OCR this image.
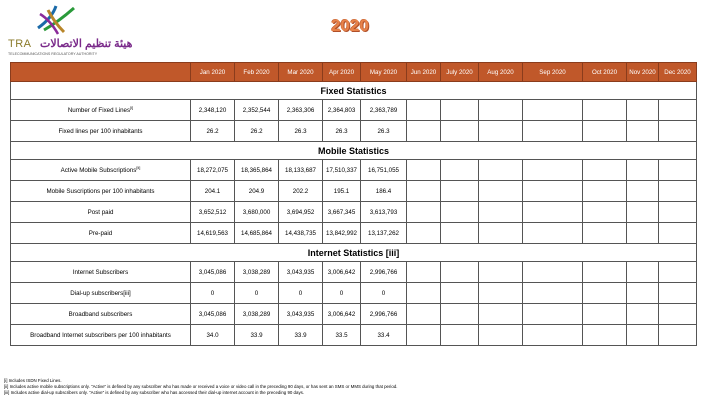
TRA هيئة تنظيم الاتصالات
TELECOMMUNICATIONS REGULATORY AUTHORITY
2020
	Jan 2020	Feb 2020	Mar 2020	Apr 2020	May 2020	Jun 2020	July 2020	Aug 2020	Sep 2020	Oct 2020	Nov 2020	Dec 2020
Fixed Statistics												
Number of Fixed Lines[i]	2,348,120	2,352,544	2,363,306	2,364,803	2,363,789							
Fixed lines per 100 inhabitants	26.2	26.2	26.3	26.3	26.3							
Mobile Statistics												
Active Mobile Subscriptions[ii]	18,272,075	18,365,864	18,133,687	17,510,337	16,751,055							
Mobile Suscriptions per 100 inhabitants	204.1	204.9	202.2	195.1	186.4							
Post paid	3,652,512	3,680,000	3,694,952	3,667,345	3,613,793							
Pre-paid	14,619,563	14,685,864	14,438,735	13,842,992	13,137,262							
Internet Statistics [iii]												
Internet Subscribers	3,045,086	3,038,289	3,043,935	3,006,642	2,996,766							
Dial-up subscribers[iii]	0	0	0	0	0							
Broadband subscribers	3,045,086	3,038,289	3,043,935	3,006,642	2,996,766							
Broadband Internet subscribers per 100 inhabitants	34.0	33.9	33.9	33.5	33.4							
[i] Includes ISDN Fixed Lines.
[ii] Includes active mobile subscriptions only. "Active" is defined by any subscriber who has made or received a voice or video call in the preceding 90 days, or has sent an SMS or MMS during that period.
[iii] Includes active dial-up subscribers only. "Active" is defined by any subscriber who has accessed their dial-up internet account in the preceding 90 days.
